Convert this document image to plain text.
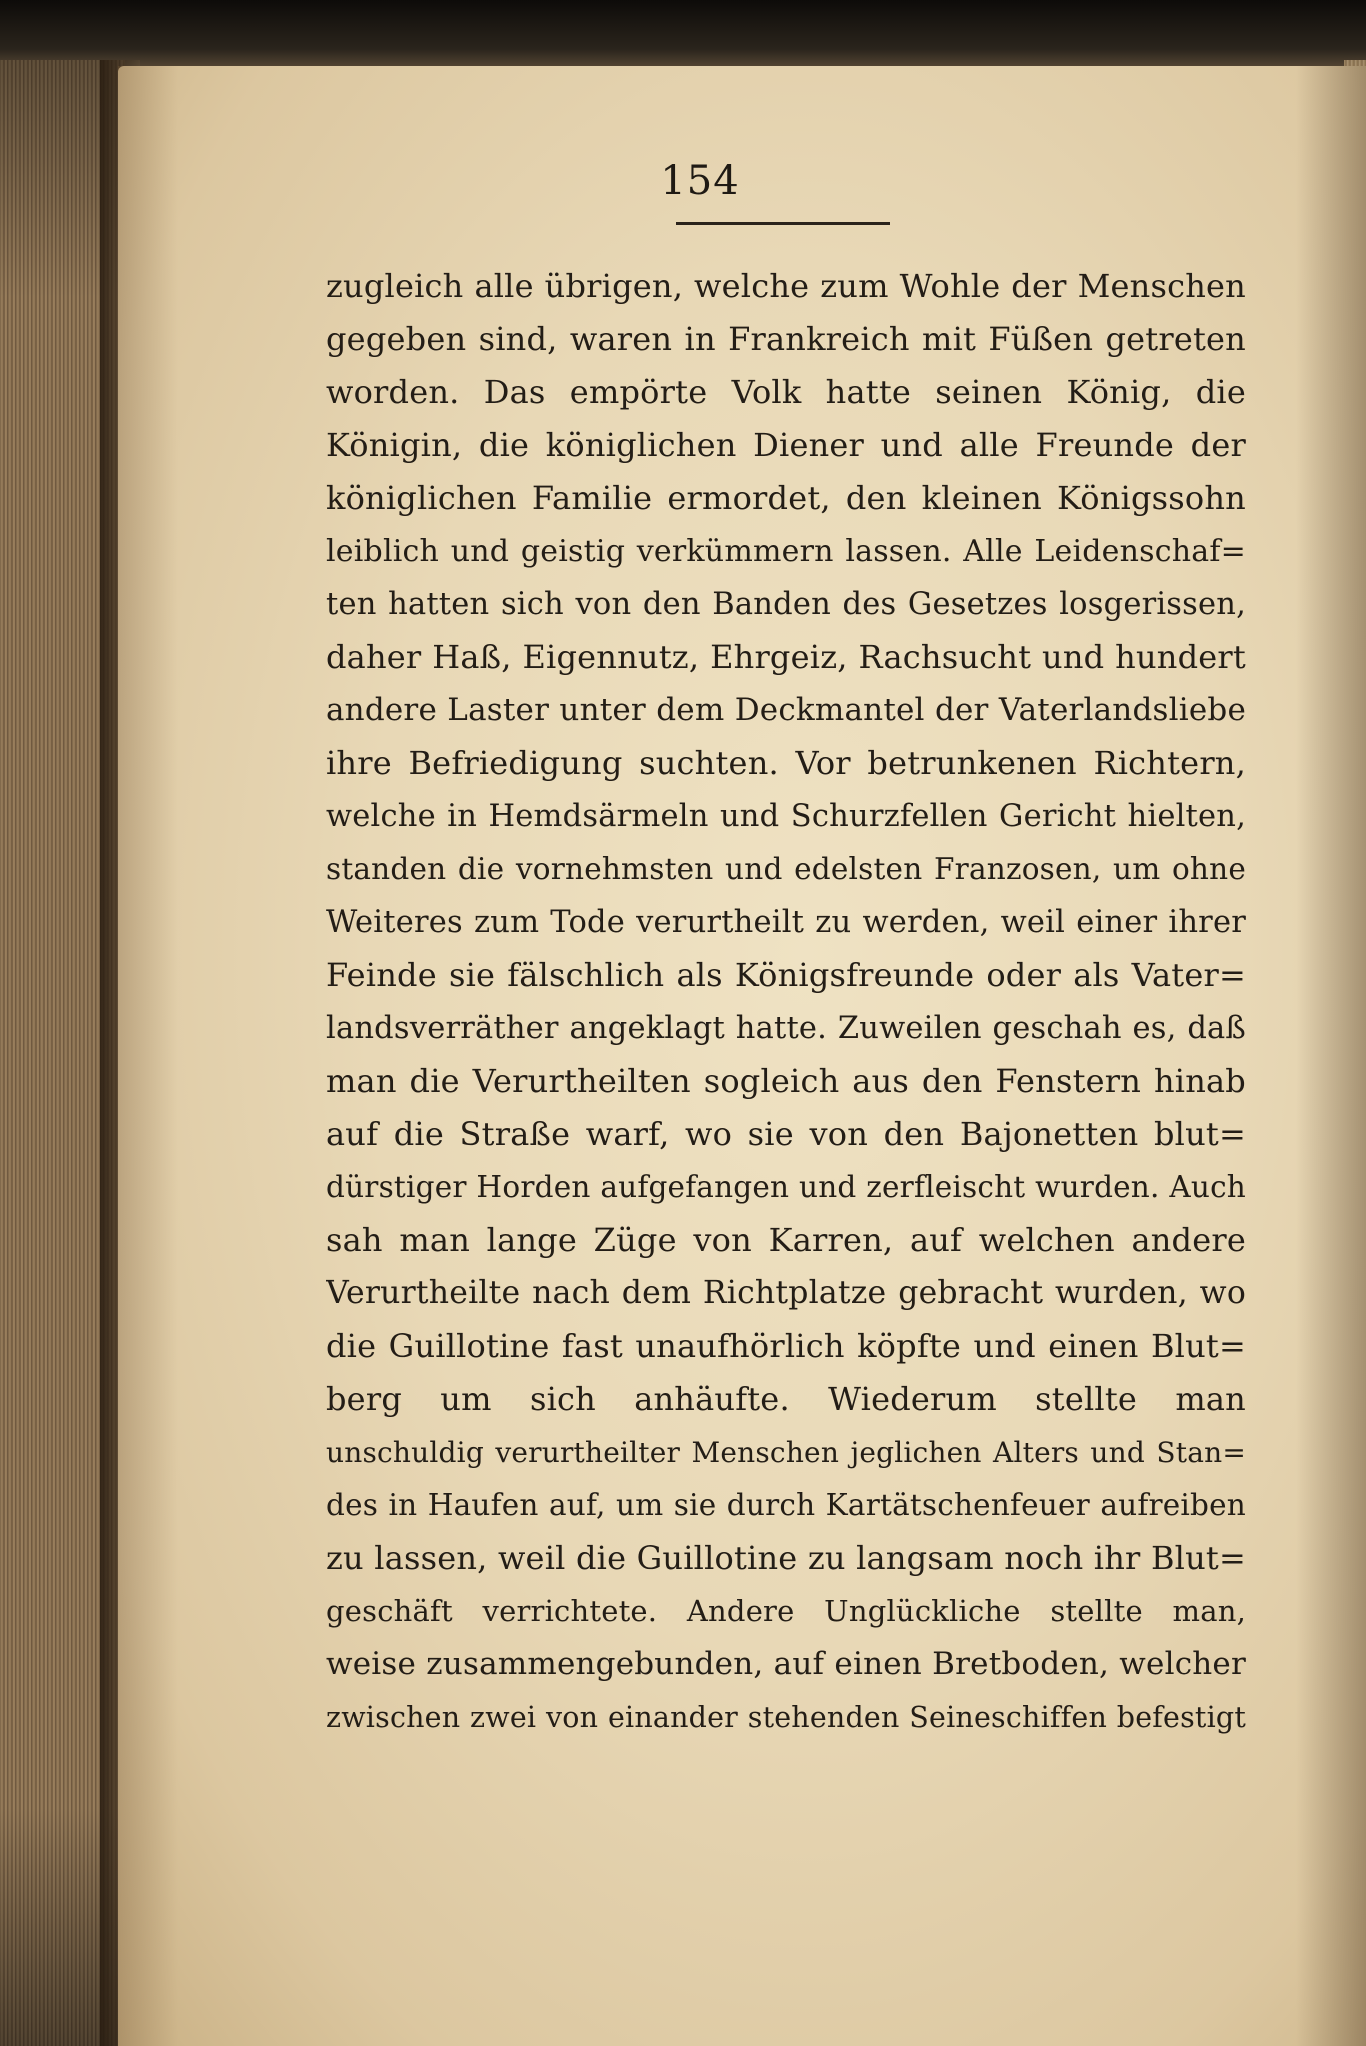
154
zugleich alle übrigen, welche zum Wohle der Menschen
gegeben sind, waren in Frankreich mit Füßen getreten
worden. Das empörte Volk hatte seinen König, die
Königin, die königlichen Diener und alle Freunde der
königlichen Familie ermordet, den kleinen Königssohn
leiblich und geistig verkümmern lassen. Alle Leidenschaf=
ten hatten sich von den Banden des Gesetzes losgerissen,
daher Haß, Eigennutz, Ehrgeiz, Rachsucht und hundert
andere Laster unter dem Deckmantel der Vaterlandsliebe
ihre Befriedigung suchten. Vor betrunkenen Richtern,
welche in Hemdsärmeln und Schurzfellen Gericht hielten,
standen die vornehmsten und edelsten Franzosen, um ohne
Weiteres zum Tode verurtheilt zu werden, weil einer ihrer
Feinde sie fälschlich als Königsfreunde oder als Vater=
landsverräther angeklagt hatte. Zuweilen geschah es, daß
man die Verurtheilten sogleich aus den Fenstern hinab
auf die Straße warf, wo sie von den Bajonetten blut=
dürstiger Horden aufgefangen und zerfleischt wurden. Auch
sah man lange Züge von Karren, auf welchen andere
Verurtheilte nach dem Richtplatze gebracht wurden, wo
die Guillotine fast unaufhörlich köpfte und einen Blut=
berg um sich anhäufte. Wiederum stellte man
unschuldig verurtheilter Menschen jeglichen Alters und Stan=
des in Haufen auf, um sie durch Kartätschenfeuer aufreiben
zu lassen, weil die Guillotine zu langsam noch ihr Blut=
geschäft verrichtete. Andere Unglückliche stellte man,
weise zusammengebunden, auf einen Bretboden, welcher
zwischen zwei von einander stehenden Seineschiffen befestigt
